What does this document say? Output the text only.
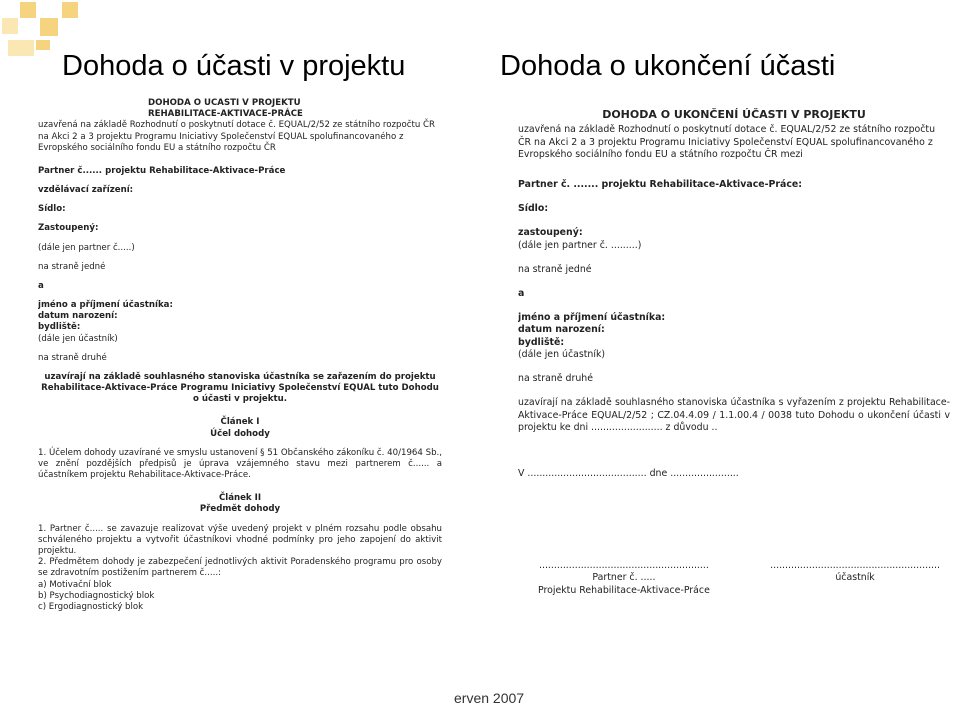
Dohoda o účasti v projektu	Dohoda o ukončení účasti

DOHODA O ÚČASTI V PROJEKTU

REHABILITACE-AKTIVACE-PRÁCE

uzavřená na základě Rozhodnutí o poskytnutí dotace č. EQUAL/2/52 ze státního rozpočtu ČR na Akci 2 a 3 projektu Programu Iniciativy Společenství EQUAL spolufinancovaného z Evropského sociálního fondu EU a státního rozpočtu ČR

Partner č...... projektu Rehabilitace-Aktivace-Práce

vzdělávací zařízení:

Sídlo:

Zastoupený:

(dále jen partner č.....)

na straně jedné

a

jméno a příjmení účastníka:

datum narození:

bydliště:

(dále jen účastník)

na straně druhé

uzavírají na základě souhlasného stanoviska účastníka se zařazením do projektu Rehabilitace-Aktivace-Práce Programu Iniciativy Společenství EQUAL tuto Dohodu o účasti v projektu.

Článek I

Účel dohody

1. Účelem dohody uzavírané ve smyslu ustanovení § 51 Občanského zákoníku č. 40/1964 Sb., ve znění pozdějších předpisů je úprava vzájemného stavu mezi partnerem č...... a účastníkem projektu Rehabilitace-Aktivace-Práce.

Článek II

Předmět dohody

1. Partner č..... se zavazuje realizovat výše uvedený projekt v plném rozsahu podle obsahu schváleného projektu a vytvořit účastníkovi vhodné podmínky pro jeho zapojení do aktivit projektu.

2. Předmětem dohody je zabezpečení jednotlivých aktivit Poradenského programu pro osoby se zdravotním postižením partnerem č.....:

a) Motivační blok

b) Psychodiagnostický blok

c) Ergodiagnostický blok

DOHODA O UKONČENÍ ÚČASTI V PROJEKTU

uzavřená na základě Rozhodnutí o poskytnutí dotace č. EQUAL/2/52 ze státního rozpočtu ČR na Akci 2 a 3 projektu Programu Iniciativy Společenství EQUAL spolufinancovaného z Evropského sociálního fondu EU a státního rozpočtu ČR mezi

Partner č. ....... projektu Rehabilitace-Aktivace-Práce:

Sídlo:

zastoupený:

(dále jen partner č. .........)

na straně jedné

a

jméno a příjmení účastníka:

datum narození:

bydliště:

(dále jen účastník)

na straně druhé

uzavírají na základě souhlasného stanoviska účastníka s vyřazením z projektu Rehabilitace-Aktivace-Práce EQUAL/2/52 ; CZ.04.4.09 / 1.1.00.4 / 0038 tuto Dohodu o ukončení účasti v projektu ke dni ........................ z důvodu ..

V ........................................ dne .......................

.........................................................

Partner č. .....

Projektu Rehabilitace-Aktivace-Práce

.........................................................

účastník

erven 2007
